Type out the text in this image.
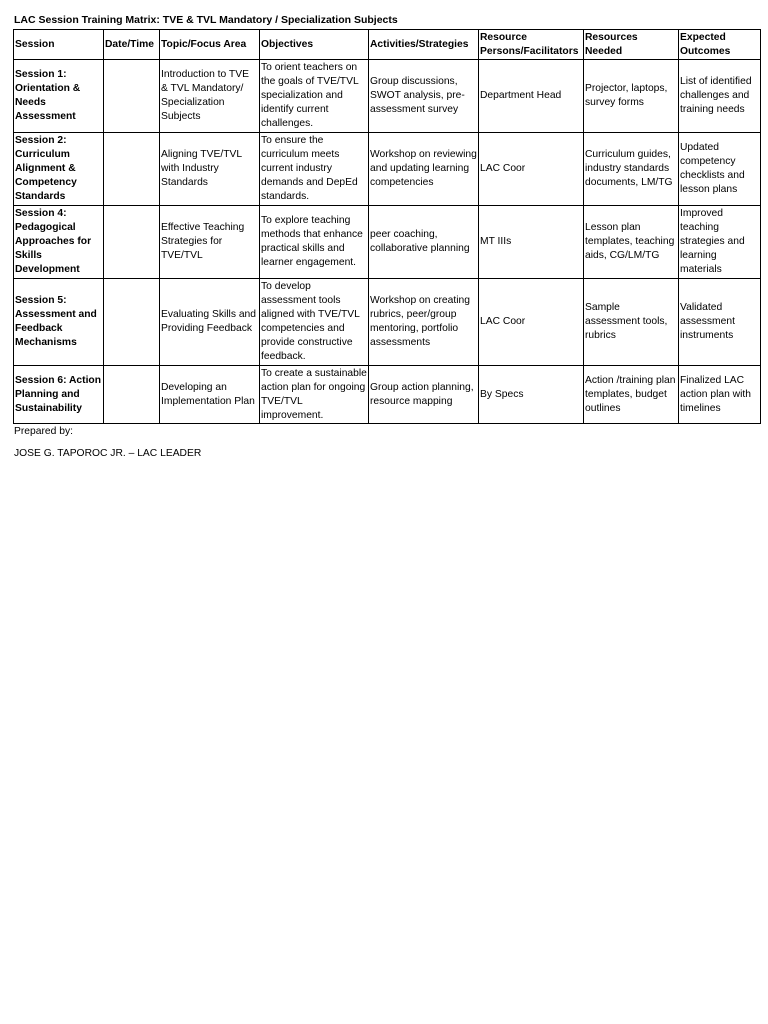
LAC Session Training Matrix: TVE & TVL Mandatory / Specialization Subjects
Session	Date/Time	Topic/Focus Area	Objectives	Activities/Strategies	Resource Persons/Facilitators	Resources Needed	Expected Outcomes
Session 1: Orientation & Needs Assessment		Introduction to TVE & TVL Mandatory/ Specialization Subjects	To orient teachers on the goals of TVE/TVL specialization and identify current challenges.	Group discussions, SWOT analysis, pre-assessment survey	Department Head	Projector, laptops, survey forms	List of identified challenges and training needs
Session 2: Curriculum Alignment & Competency Standards		Aligning TVE/TVL with Industry Standards	To ensure the curriculum meets current industry demands and DepEd standards.	Workshop on reviewing and updating learning competencies	LAC Coor	Curriculum guides, industry standards documents, LM/TG	Updated competency checklists and lesson plans
Session 4: Pedagogical Approaches for Skills Development		Effective Teaching Strategies for TVE/TVL	To explore teaching methods that enhance practical skills and learner engagement.	peer coaching, collaborative planning	MT IIIs	Lesson plan templates, teaching aids, CG/LM/TG	Improved teaching strategies and learning materials
Session 5: Assessment and Feedback Mechanisms		Evaluating Skills and Providing Feedback	To develop assessment tools aligned with TVE/TVL competencies and provide constructive feedback.	Workshop on creating rubrics, peer/group mentoring, portfolio assessments	LAC Coor	Sample assessment tools, rubrics	Validated assessment instruments
Session 6: Action Planning and Sustainability		Developing an Implementation Plan	To create a sustainable action plan for ongoing TVE/TVL improvement.	Group action planning, resource mapping	By Specs	Action /training plan templates, budget outlines	Finalized LAC action plan with timelines
Prepared by:
JOSE G. TAPOROC JR. – LAC LEADER
